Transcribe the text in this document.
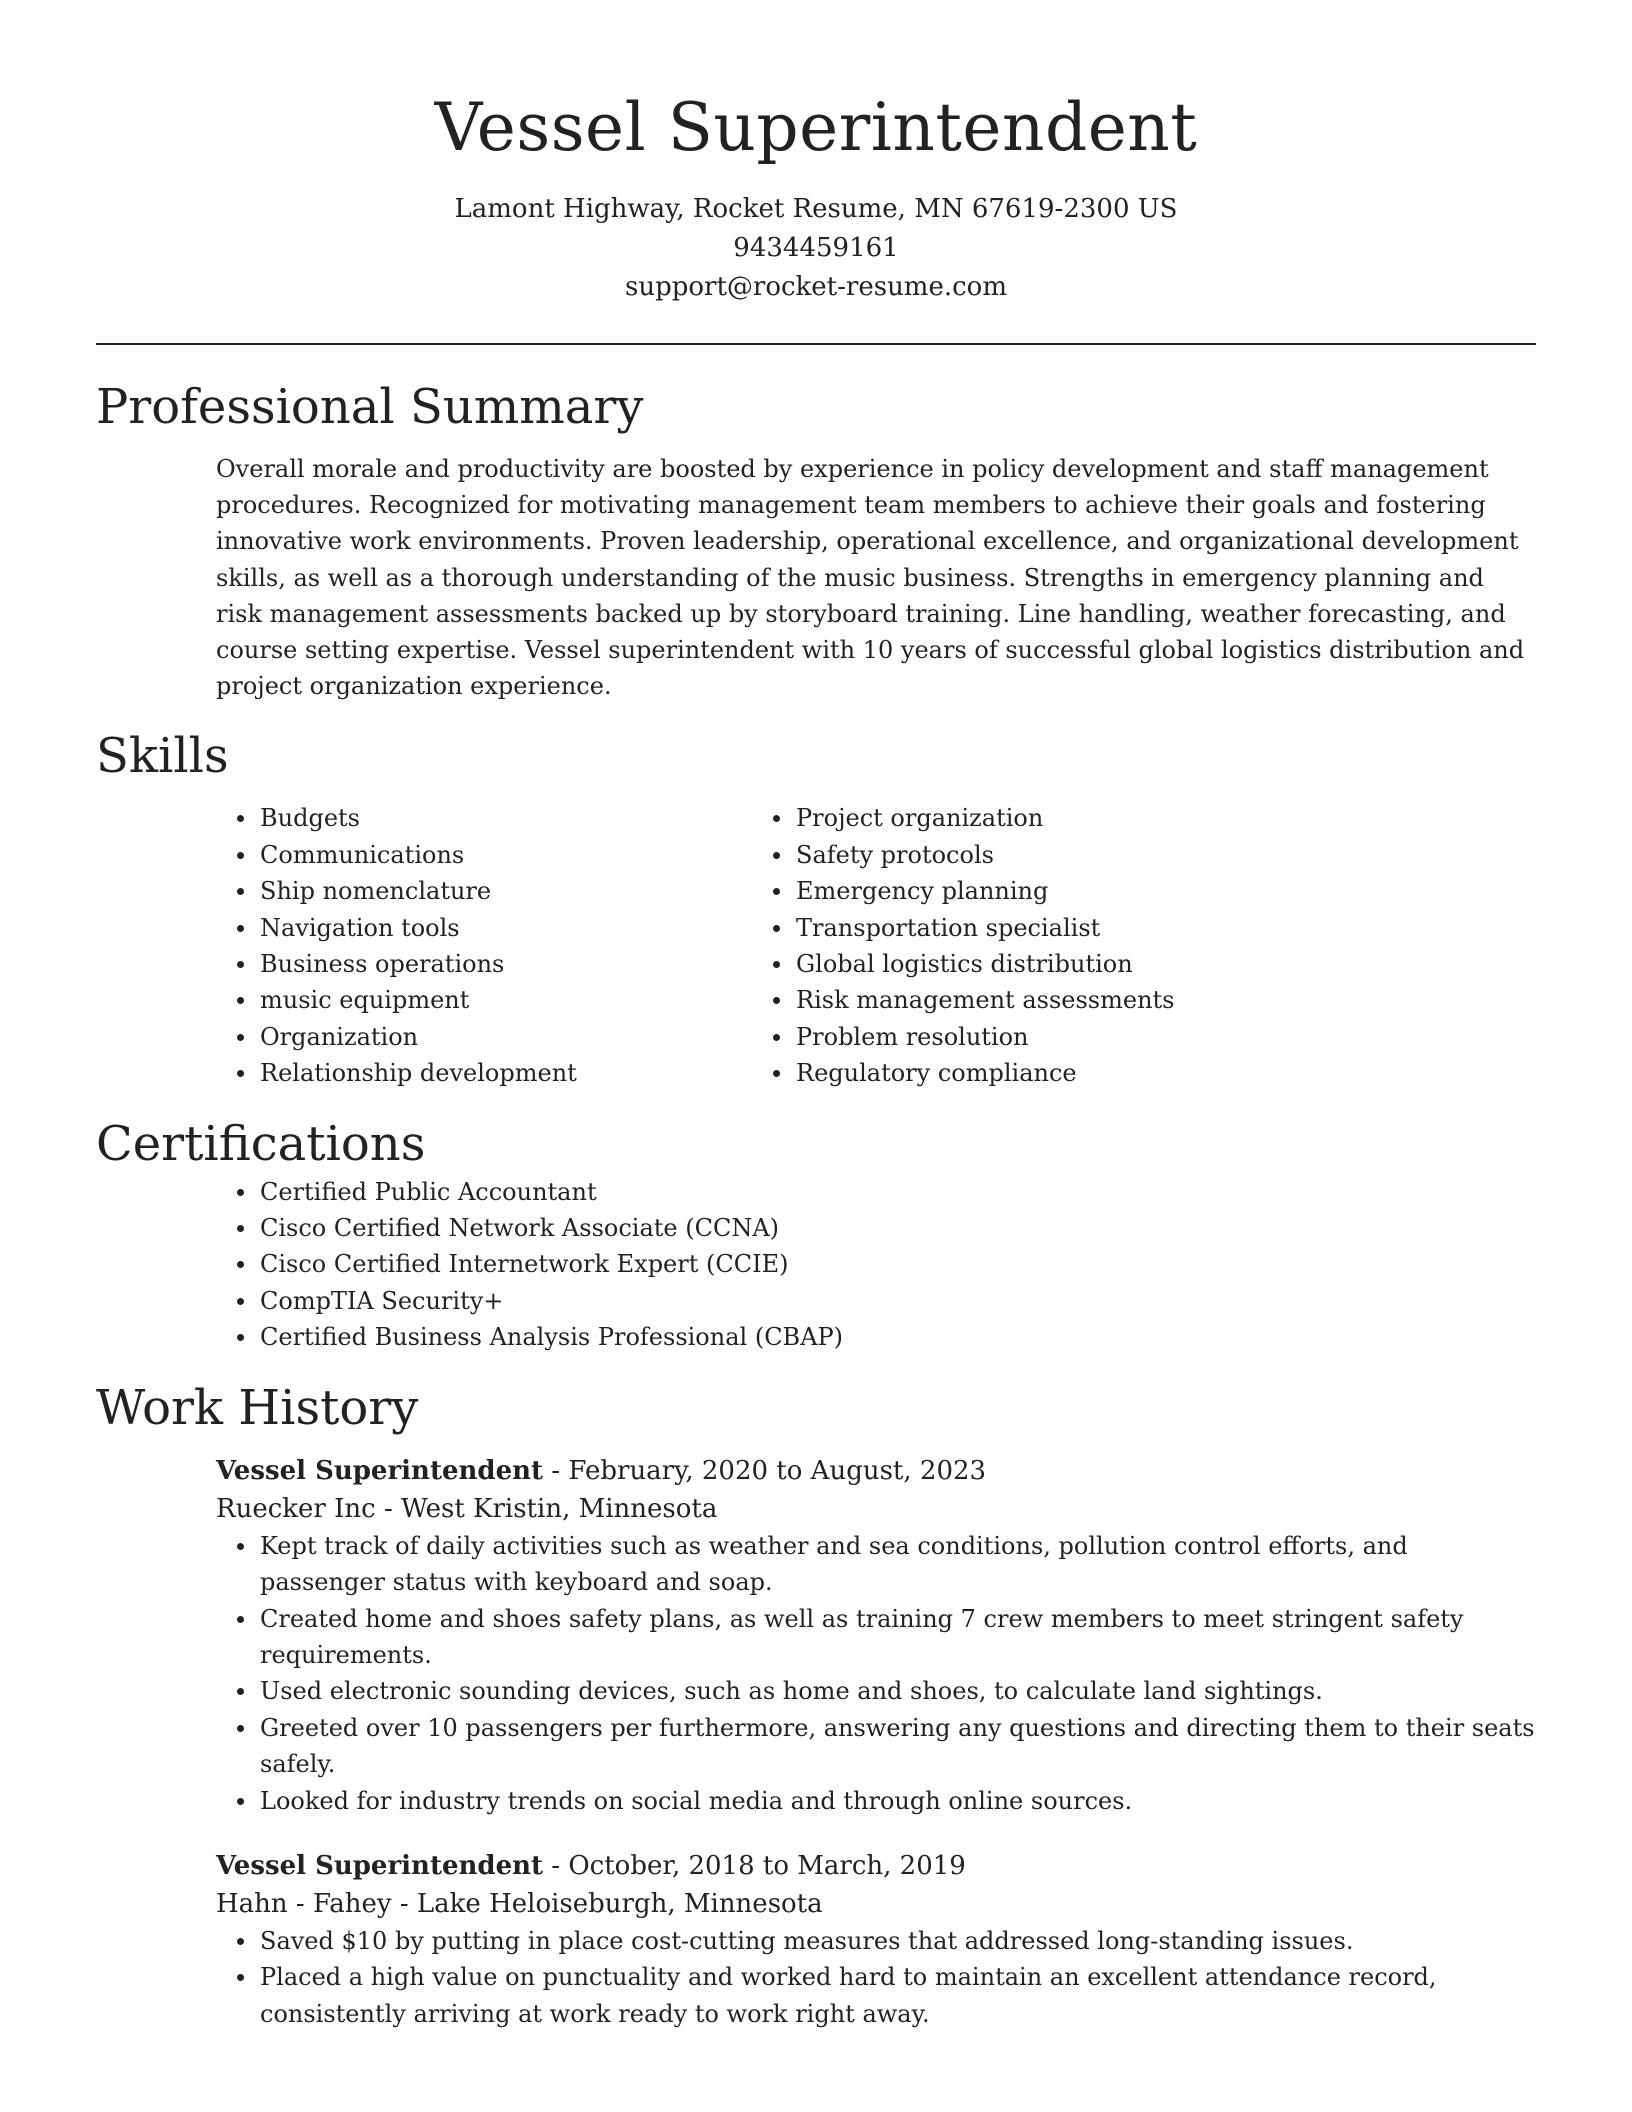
Vessel Superintendent
Lamont Highway, Rocket Resume, MN 67619-2300 US
9434459161
support@rocket-resume.com
Professional Summary

Overall morale and productivity are boosted by experience in policy development and staff management procedures. Recognized for motivating management team members to achieve their goals and fostering innovative work environments. Proven leadership, operational excellence, and organizational development skills, as well as a thorough understanding of the music business. Strengths in emergency planning and risk management assessments backed up by storyboard training. Line handling, weather forecasting, and course setting expertise. Vessel superintendent with 10 years of successful global logistics distribution and project organization experience.

Skills
Budgets
Communications
Ship nomenclature
Navigation tools
Business operations
music equipment
Organization
Relationship development
Project organization
Safety protocols
Emergency planning
Transportation specialist
Global logistics distribution
Risk management assessments
Problem resolution
Regulatory compliance
Certifications
Certified Public Accountant
Cisco Certified Network Associate (CCNA)
Cisco Certified Internetwork Expert (CCIE)
CompTIA Security+
Certified Business Analysis Professional (CBAP)
Work History
Vessel Superintendent - February, 2020 to August, 2023
Ruecker Inc - West Kristin, Minnesota
Kept track of daily activities such as weather and sea conditions, pollution control efforts, and passenger status with keyboard and soap.
Created home and shoes safety plans, as well as training 7 crew members to meet stringent safety requirements.
Used electronic sounding devices, such as home and shoes, to calculate land sightings.
Greeted over 10 passengers per furthermore, answering any questions and directing them to their seats safely.
Looked for industry trends on social media and through online sources.
Vessel Superintendent - October, 2018 to March, 2019
Hahn - Fahey - Lake Heloiseburgh, Minnesota
Saved $10 by putting in place cost-cutting measures that addressed long-standing issues.
Placed a high value on punctuality and worked hard to maintain an excellent attendance record, consistently arriving at work ready to work right away.
